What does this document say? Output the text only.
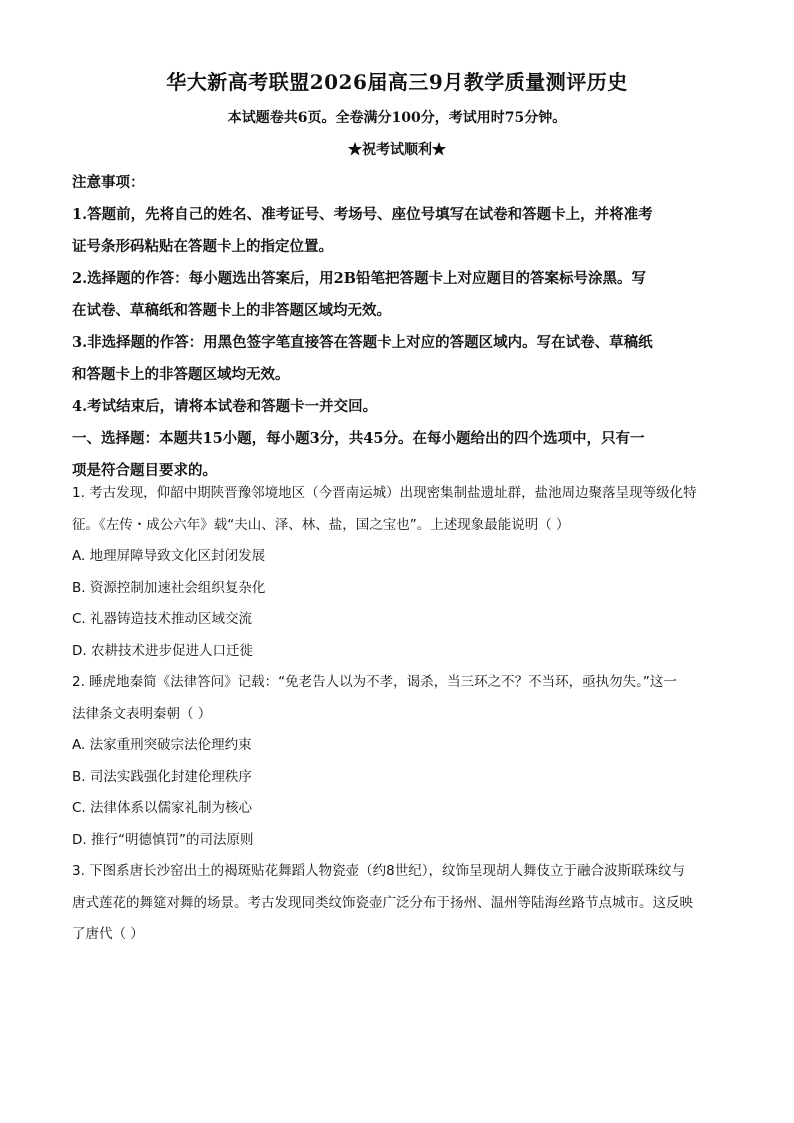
华大新高考联盟2026届高三9月教学质量测评历史
本试题卷共6页。全卷满分100分，考试用时75分钟。
★祝考试顺利★
注意事项：
1.答题前，先将自己的姓名、准考证号、考场号、座位号填写在试卷和答题卡上，并将准考
证号条形码粘贴在答题卡上的指定位置。
2.选择题的作答：每小题选出答案后，用2B铅笔把答题卡上对应题目的答案标号涂黑。写
在试卷、草稿纸和答题卡上的非答题区域均无效。
3.非选择题的作答：用黑色签字笔直接答在答题卡上对应的答题区域内。写在试卷、草稿纸
和答题卡上的非答题区域均无效。
4.考试结束后，请将本试卷和答题卡一并交回。
一、选择题：本题共15小题，每小题3分，共45分。在每小题给出的四个选项中，只有一
项是符合题目要求的。
1. 考古发现，仰韶中期陕晋豫邻境地区（今晋南运城）出现密集制盐遗址群，盐池周边聚落呈现等级化特
征。《左传・成公六年》载“夫山、泽、林、盐，国之宝也”。上述现象最能说明（ ）
A. 地理屏障导致文化区封闭发展
B. 资源控制加速社会组织复杂化
C. 礼器铸造技术推动区域交流
D. 农耕技术进步促进人口迁徙
2. 睡虎地秦简《法律答问》记载：“免老告人以为不孝，谒杀，当三环之不？不当环，亟执勿失。”这一
法律条文表明秦朝（ ）
A. 法家重刑突破宗法伦理约束
B. 司法实践强化封建伦理秩序
C. 法律体系以儒家礼制为核心
D. 推行“明德慎罚”的司法原则
3. 下图系唐长沙窑出土的褐斑贴花舞蹈人物瓷壶（约8世纪），纹饰呈现胡人舞伎立于融合波斯联珠纹与
唐式莲花的舞筵对舞的场景。考古发现同类纹饰瓷壶广泛分布于扬州、温州等陆海丝路节点城市。这反映
了唐代（ ）
